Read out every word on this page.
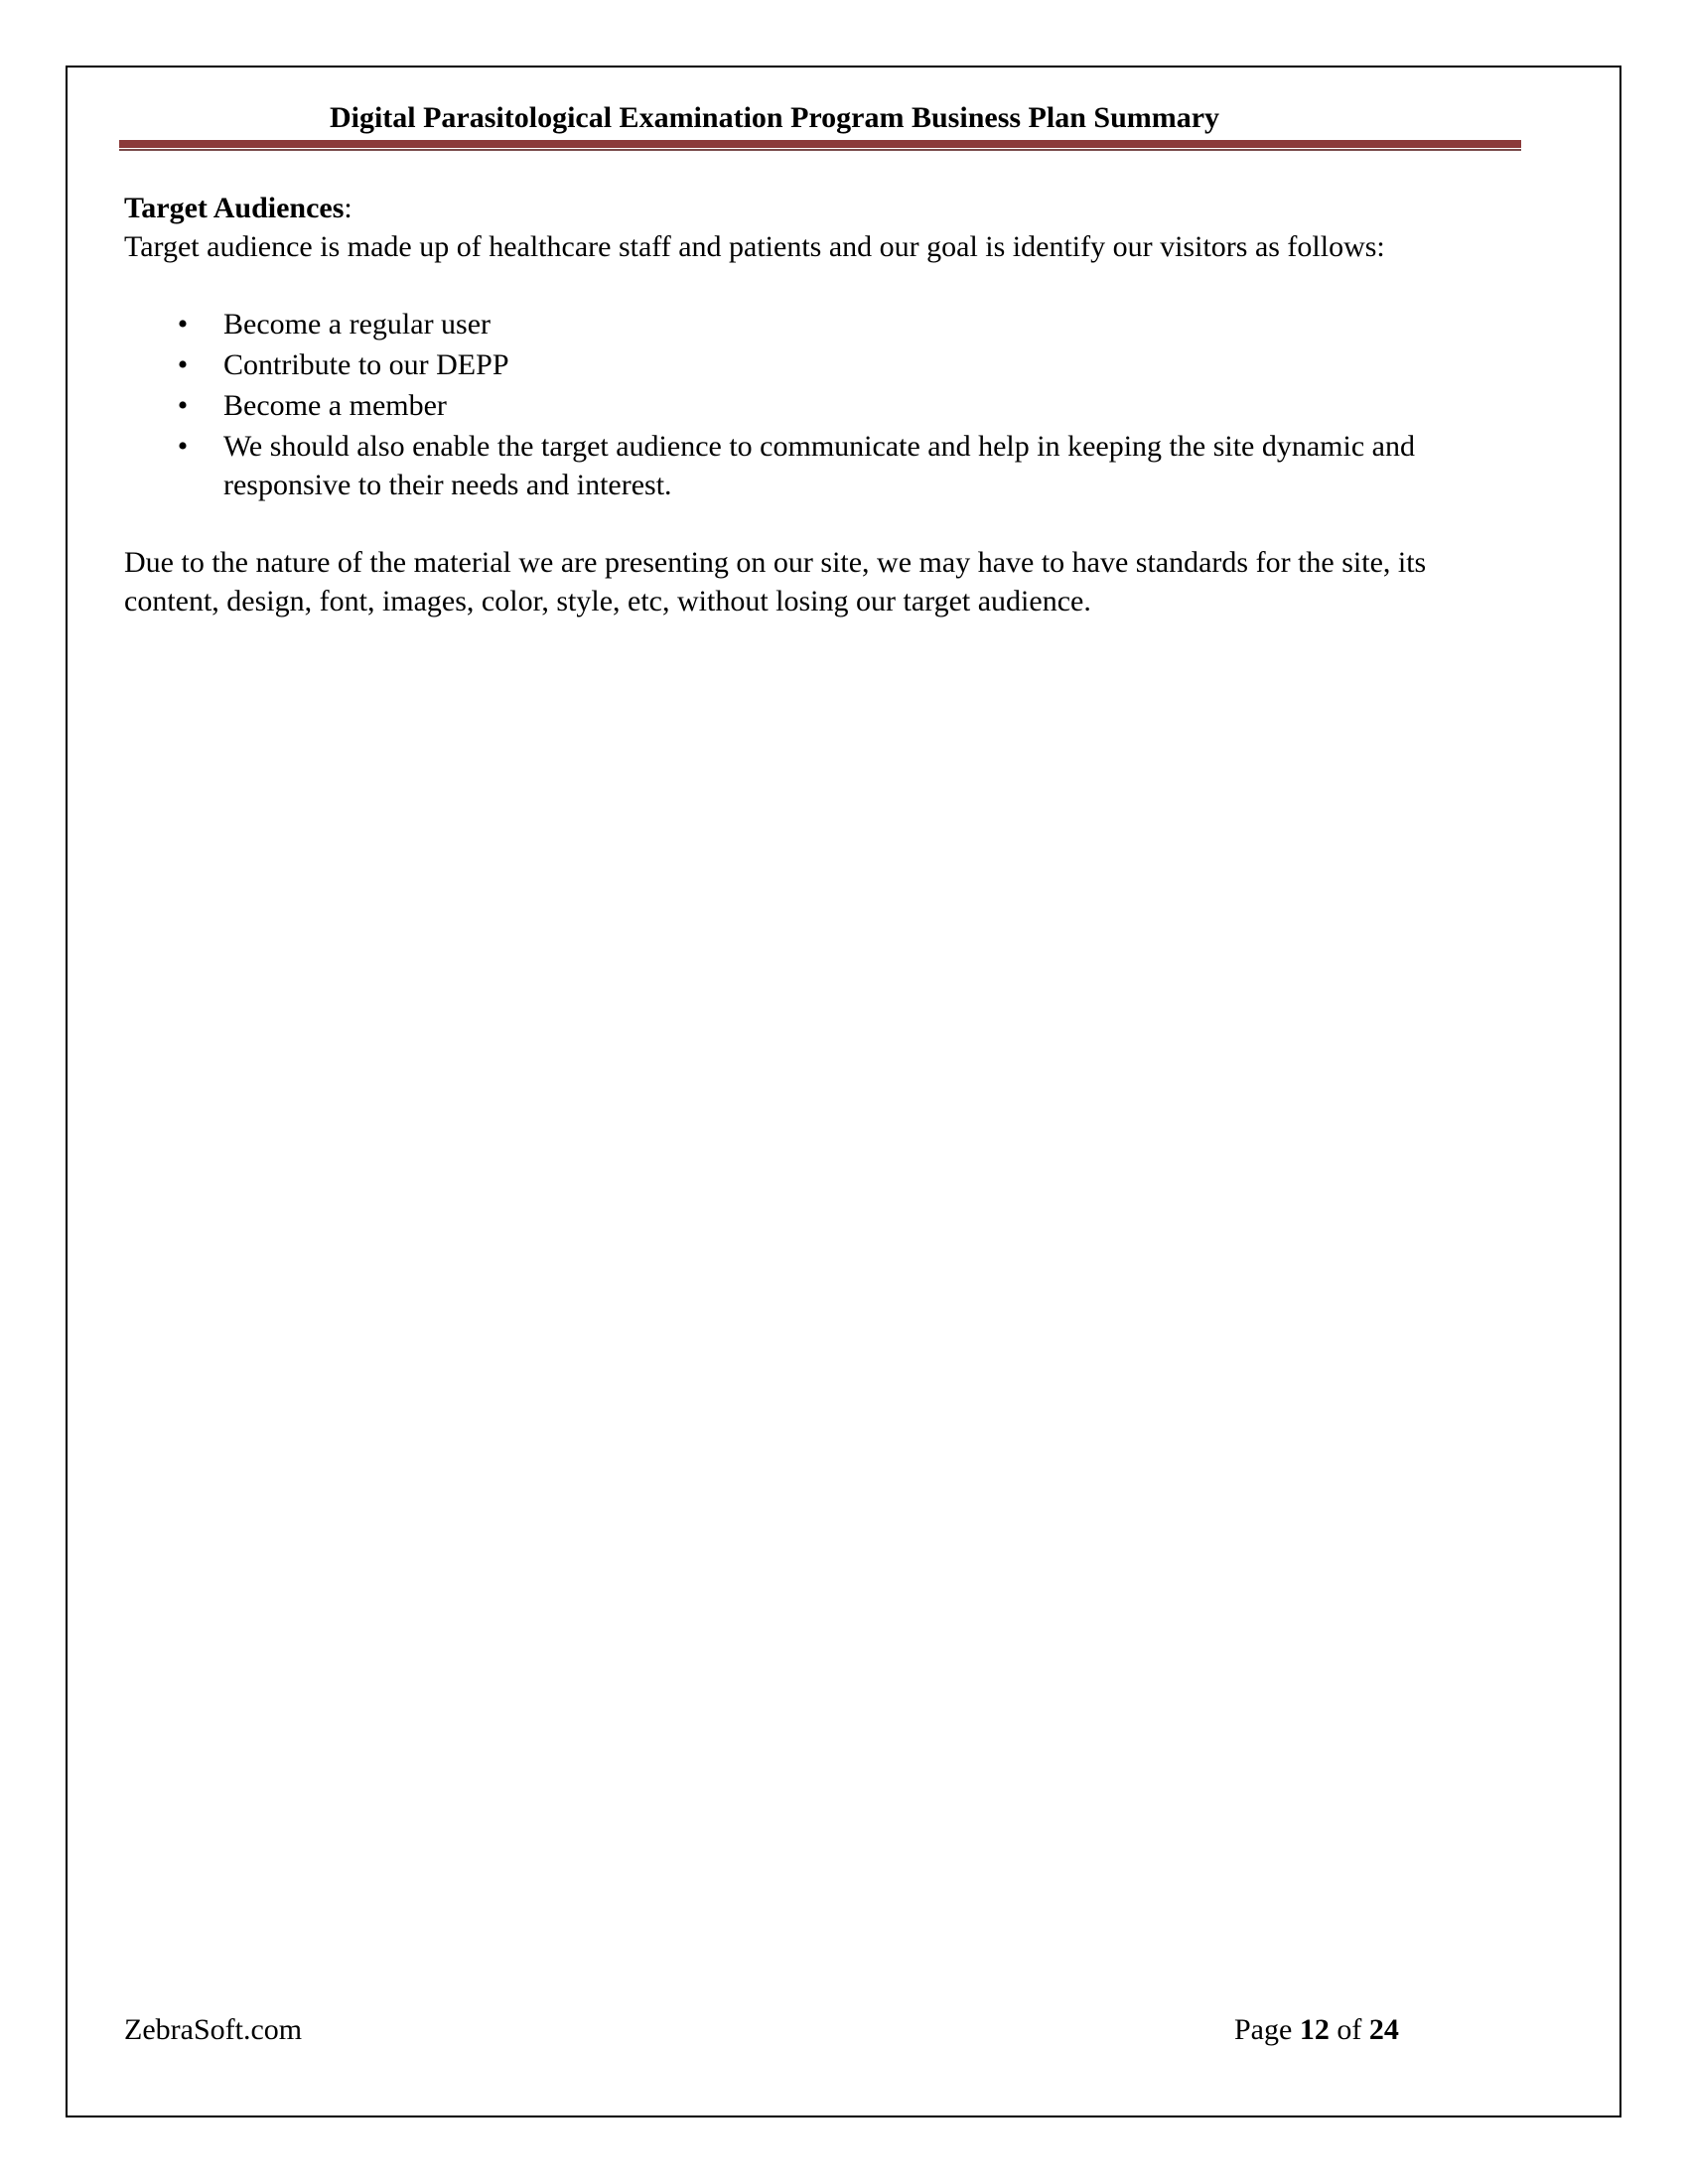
Digital Parasitological Examination Program Business Plan Summary

Target Audiences:

Target audience is made up of healthcare staff and patients and our goal is identify our visitors as follows:

• Become a regular user
• Contribute to our DEPP
• Become a member
• We should also enable the target audience to communicate and help in keeping the site dynamic and responsive to their needs and interest.

Due to the nature of the material we are presenting on our site, we may have to have standards for the site, its content, design, font, images, color, style, etc, without losing our target audience.

ZebraSoft.com	Page 12 of 24
